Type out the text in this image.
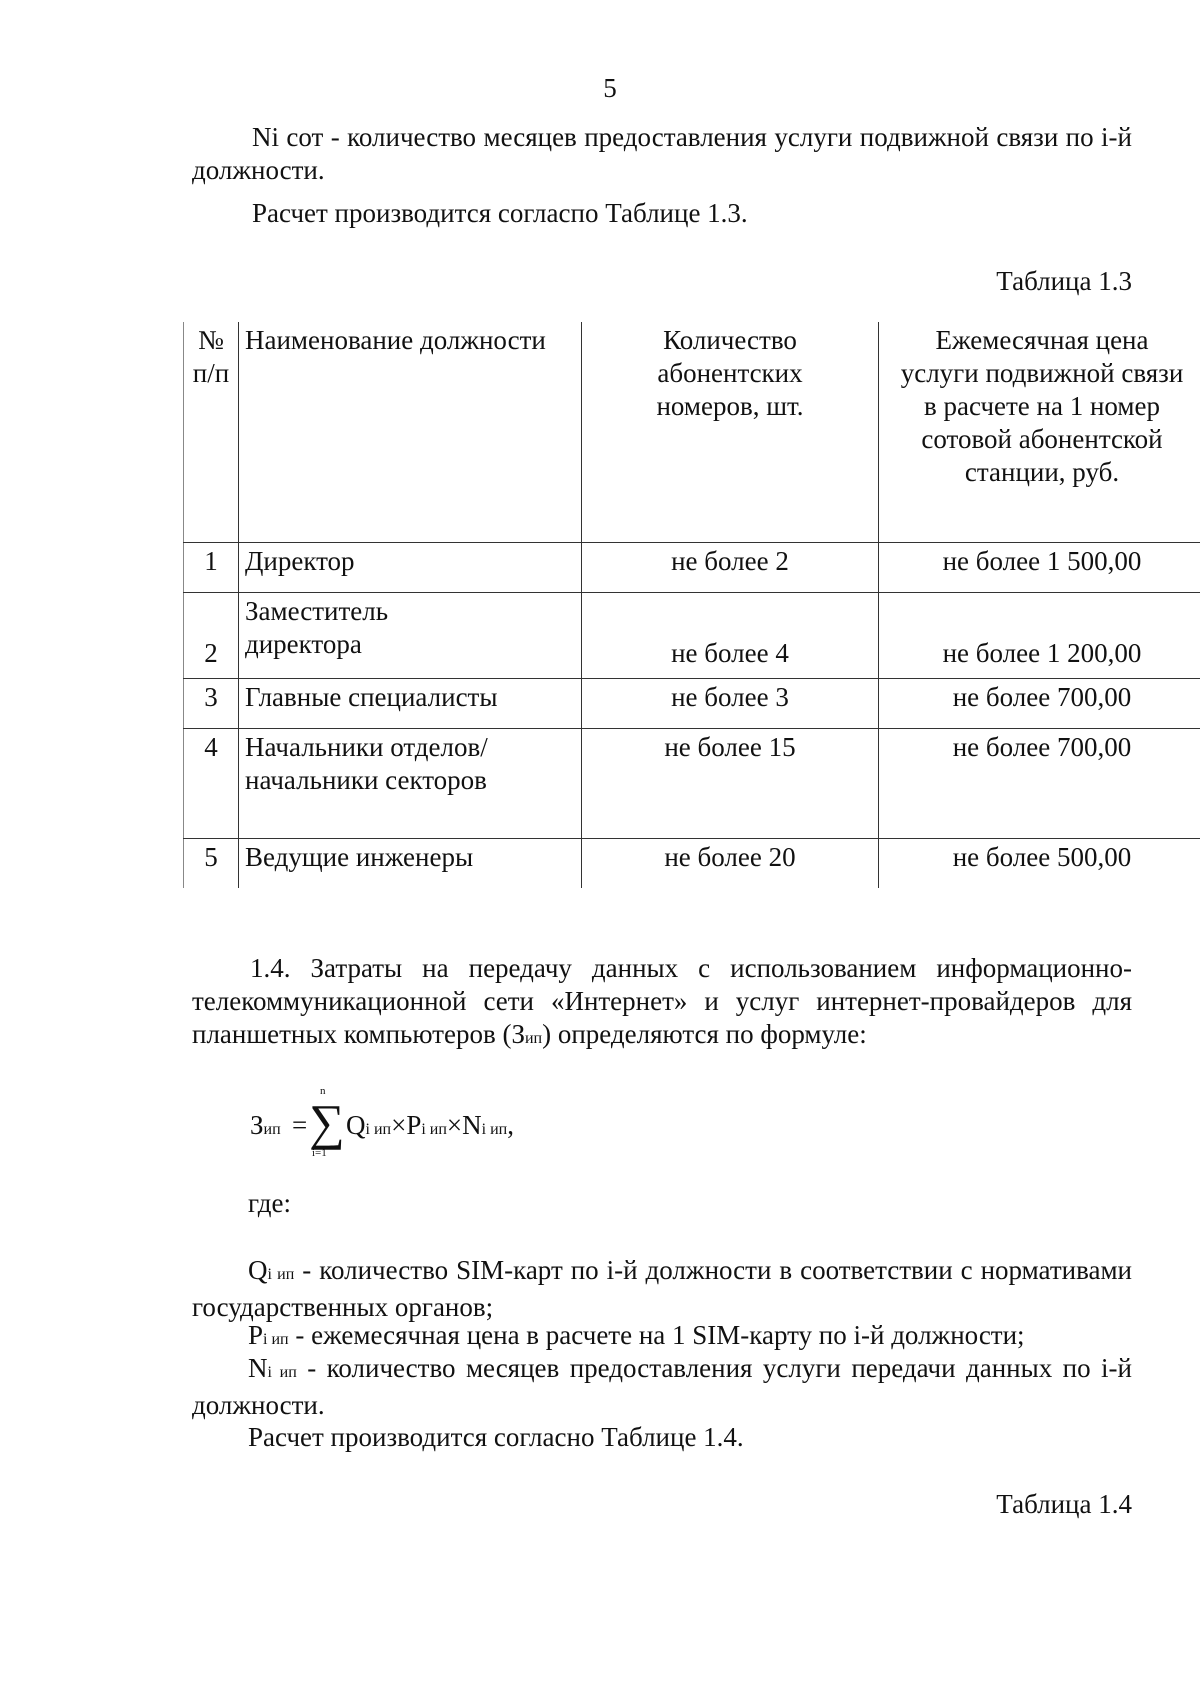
5
Ni сот - количество месяцев предоставления услуги подвижной связи по i-й должности.
Расчет производится согласпо Таблице 1.3.
Таблица 1.3
№ п/п	Наименование должности	Количество абонентских номеров, шт.	Ежемесячная цена услуги подвижной связи в расчете на 1 номер сотовой абонентской станции, руб.
1	Директор	не более 2	не более 1 500,00
2	Заместитель директора	не более 4	не более 1 200,00
3	Главные специалисты	не более 3	не более 700,00
4	Начальники отделов/начальники секторов	не более 15	не более 700,00
5	Ведущие инженеры	не более 20	не более 500,00
1.4. Затраты на передачу данных с использованием информационно-телекоммуникационной сети «Интернет» и услуг интернет-провайдеров для планшетных компьютеров (Зип) определяются по формуле:
Зип =
n
∑
i=1
Qi ип×Pi ип×Ni ип,
где:
Qi ип - количество SIM-карт по i-й должности в соответствии с нормативами государственных органов;
Pi ип - ежемесячная цена в расчете на 1 SIM-карту по i-й должности;
Ni ип - количество месяцев предоставления услуги передачи данных по i-й должности.
Расчет производится согласно Таблице 1.4.
Таблица 1.4
